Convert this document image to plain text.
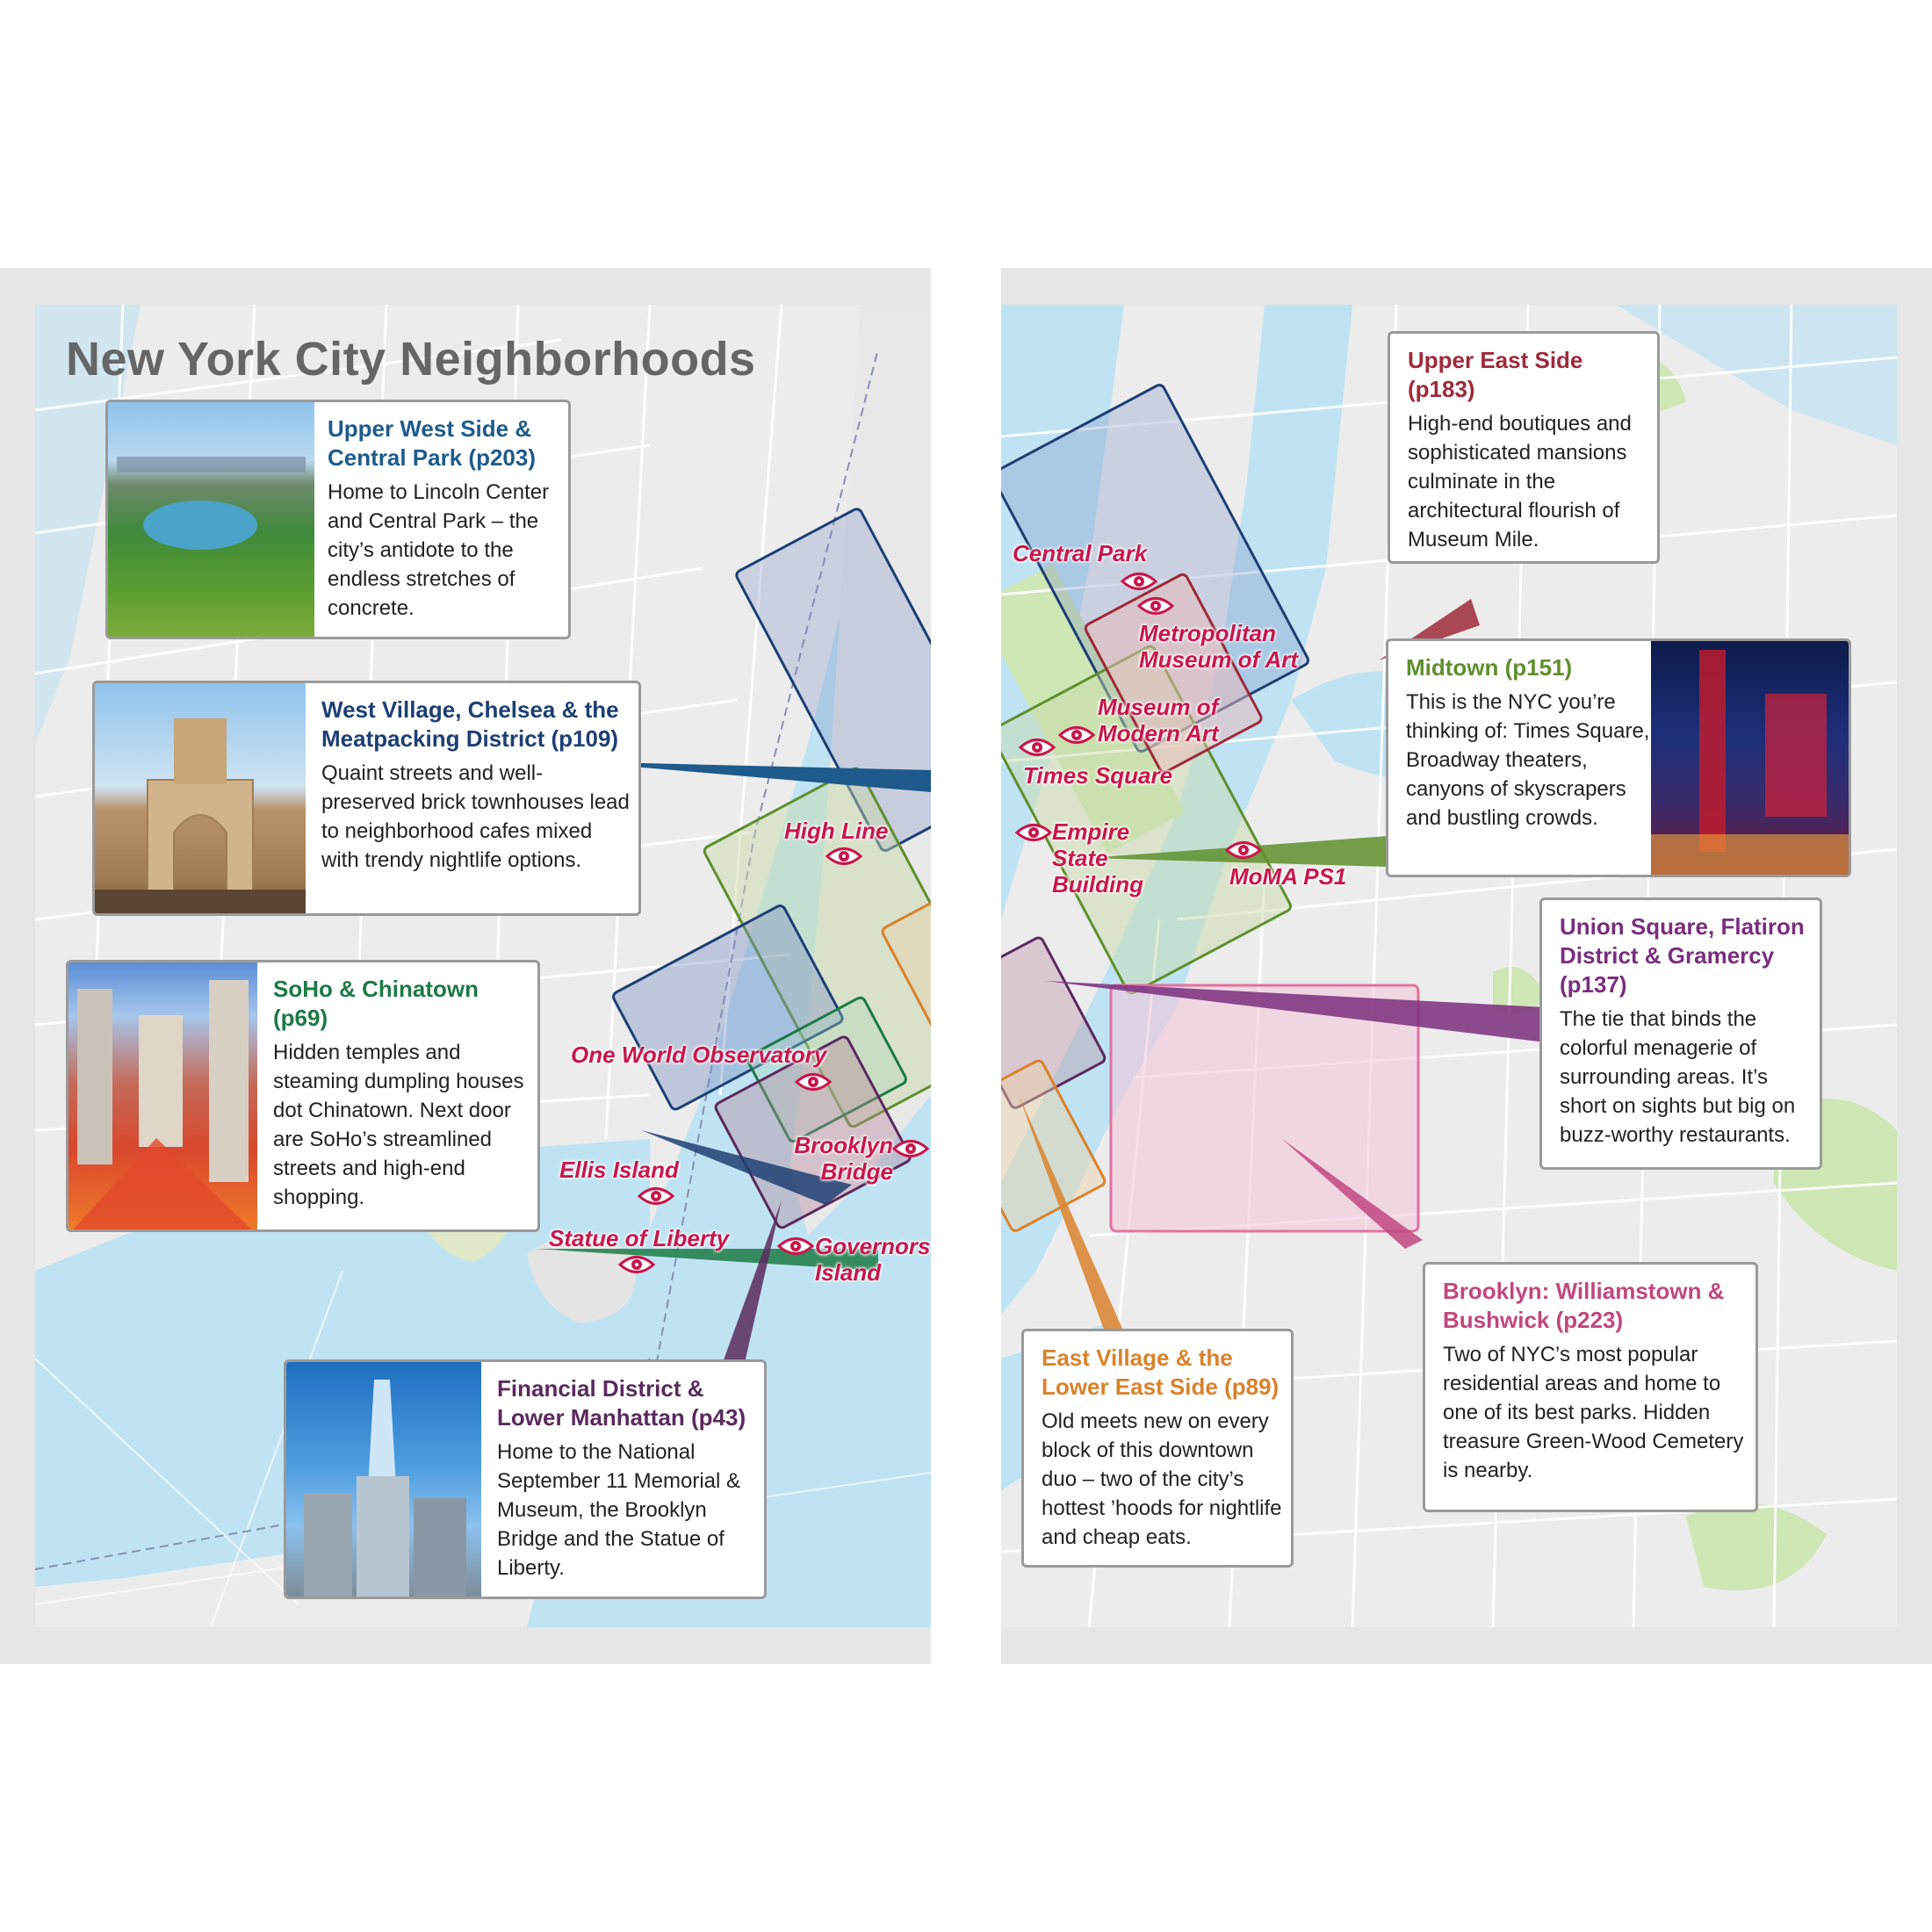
New York City Neighborhoods
Upper West Side & Central Park (p203)

Home to Lincoln Center and Central Park – the city’s antidote to the endless stretches of concrete.

West Village, Chelsea & the Meatpacking District (p109)

Quaint streets and well-preserved brick townhouses lead to neighborhood cafes mixed with trendy nightlife options.

SoHo & Chinatown (p69)

Hidden temples and steaming dumpling houses dot Chinatown. Next door are SoHo’s streamlined streets and high-end shopping.

Financial District & Lower Manhattan (p43)

Home to the National September 11 Memorial & Museum, the Brooklyn Bridge and the Statue of Liberty.

Upper East Side (p183)

High-end boutiques and sophisticated mansions culminate in the architectural flourish of Museum Mile.

Midtown (p151)

This is the NYC you’re thinking of: Times Square, Broadway theaters, canyons of skyscrapers and bustling crowds.

Union Square, Flatiron District & Gramercy (p137)

The tie that binds the colorful menagerie of surrounding areas. It’s short on sights but big on buzz-worthy restaurants.

East Village & the Lower East Side (p89)

Old meets new on every block of this downtown duo – two of the city’s hottest ’hoods for nightlife and cheap eats.

Brooklyn: Williamstown & Bushwick (p223)

Two of NYC’s most popular residential areas and home to one of its best parks. Hidden treasure Green-Wood Cemetery is nearby.

High Line
One World Observatory
Brooklyn Bridge
Ellis Island
Statue of Liberty	Governors Island
Central Park
Metropolitan Museum of Art
Museum of Modern Art
Times Square
Empire State Building	MoMA PS1
